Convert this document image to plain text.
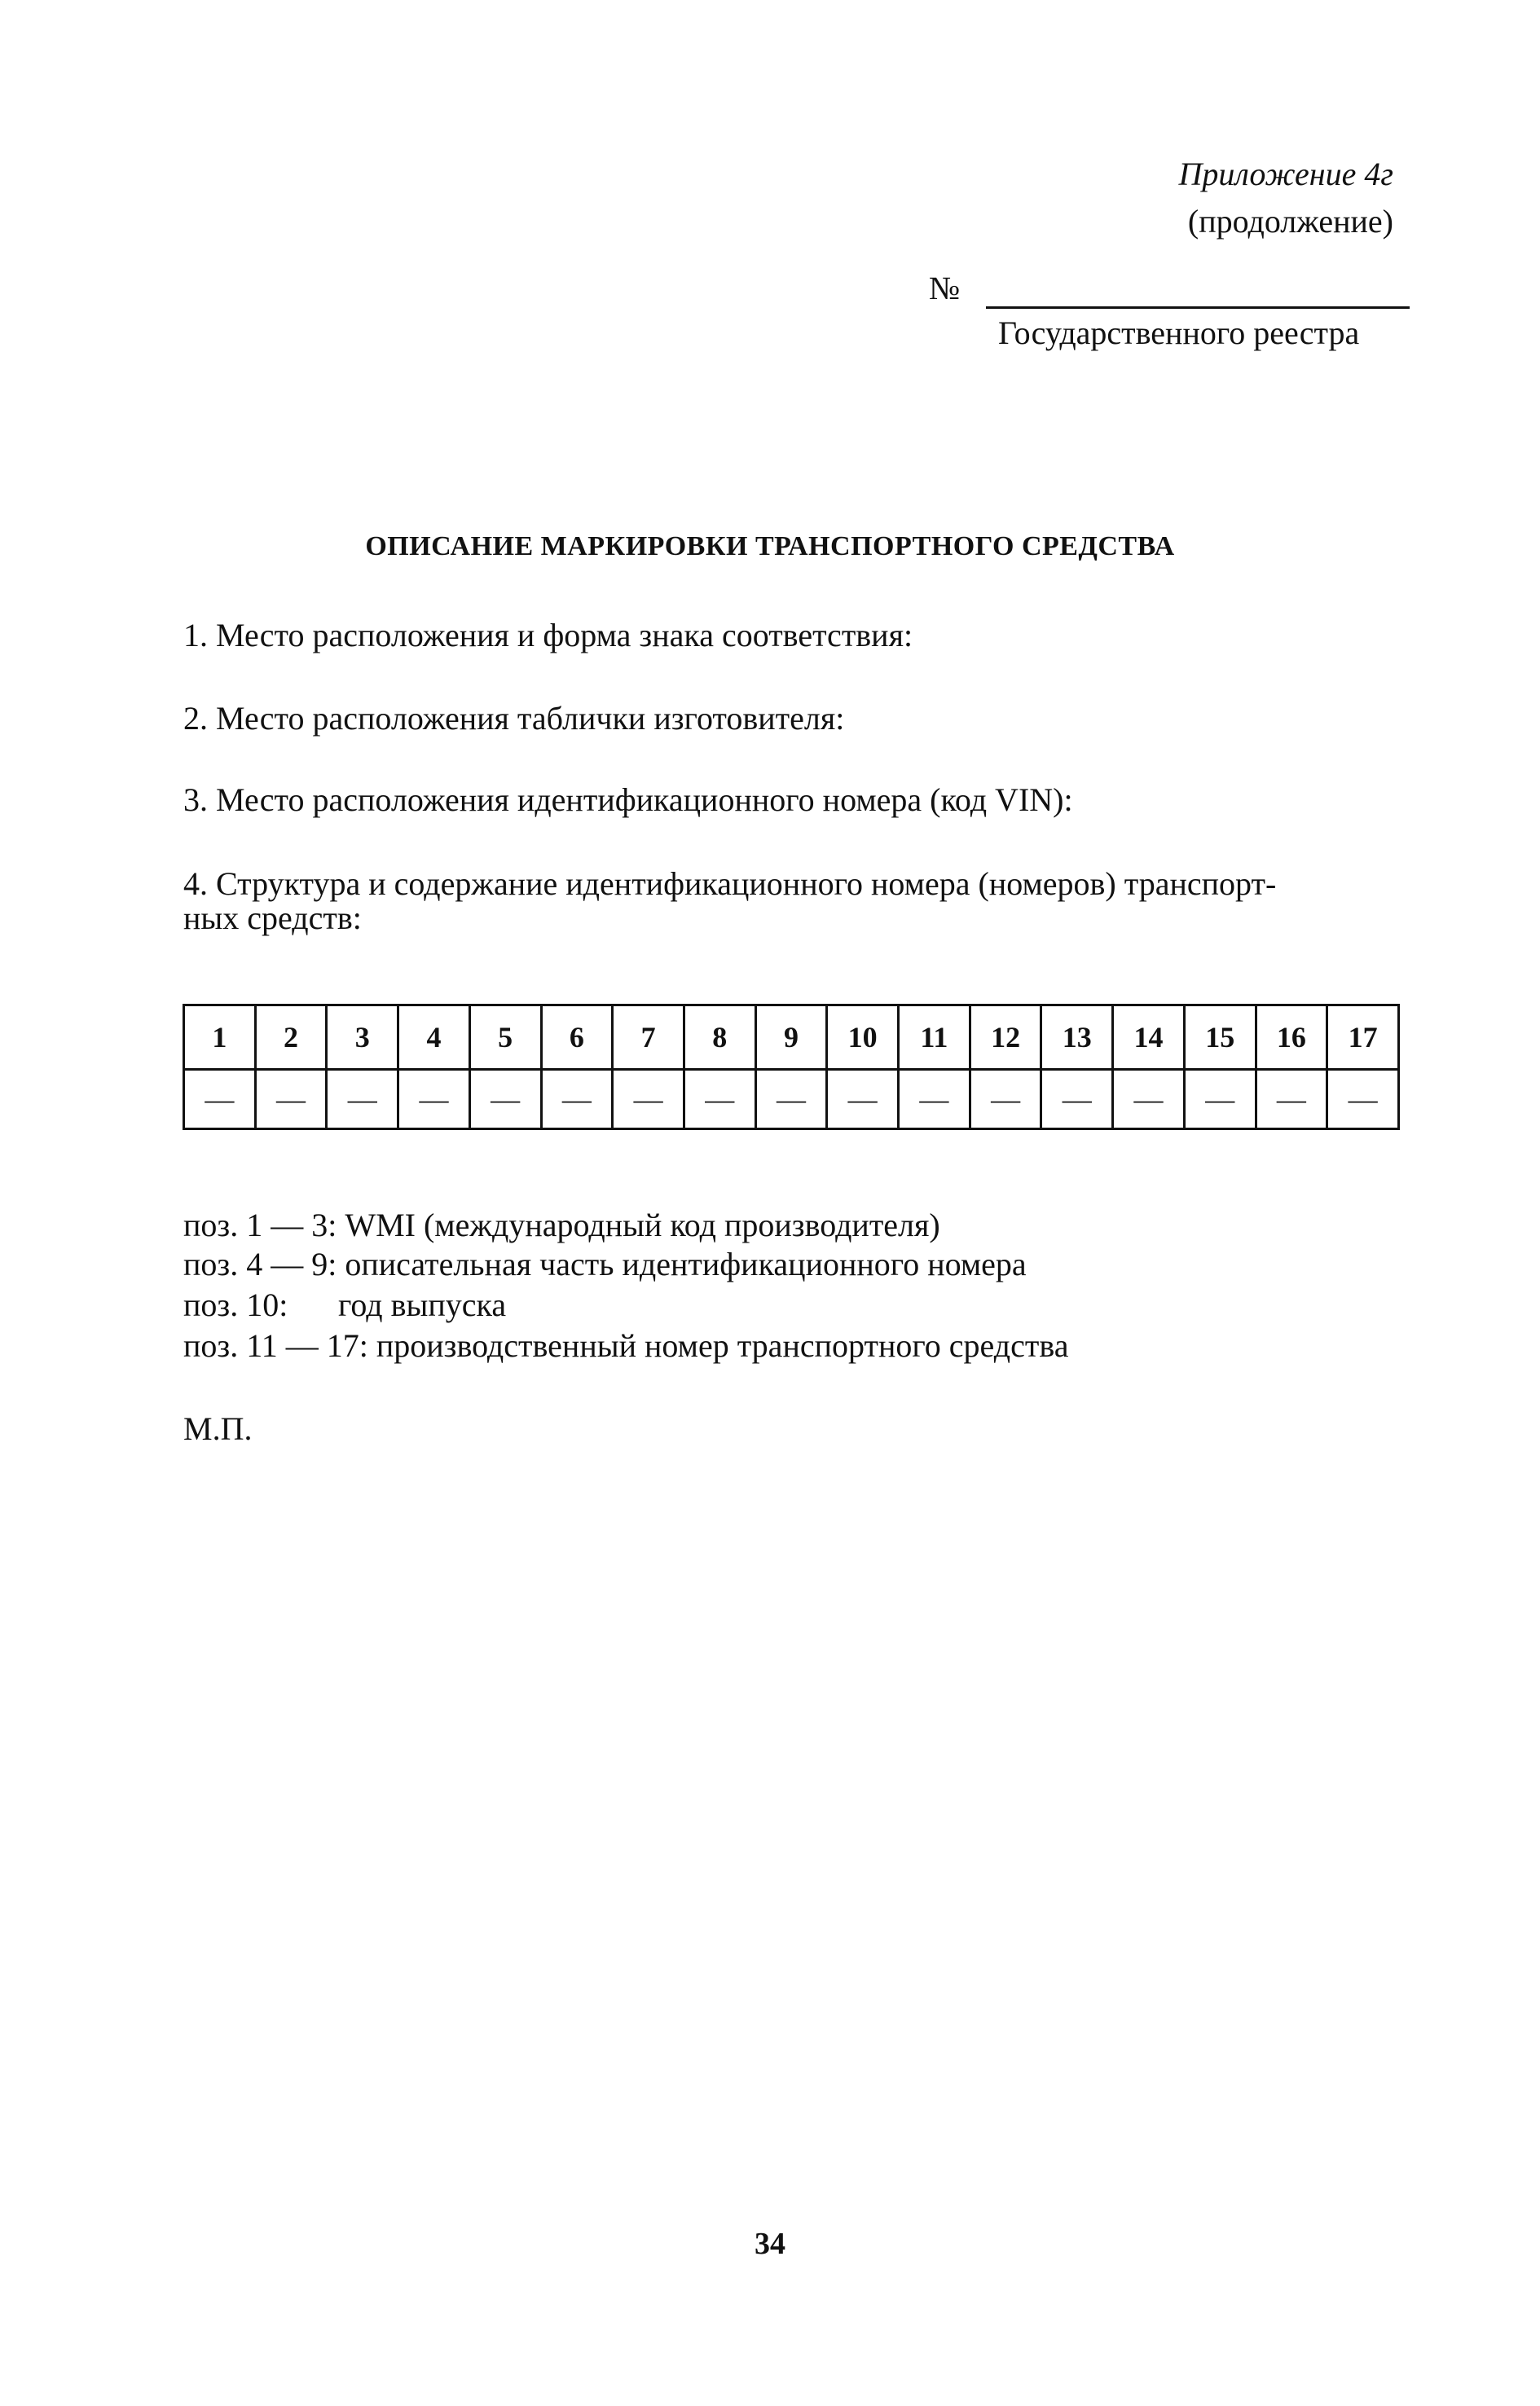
Приложение 4г
(продолжение)
№
Государственного реестра
ОПИСАНИЕ МАРКИРОВКИ ТРАНСПОРТНОГО СРЕДСТВА
1. Место расположения и форма знака соответствия:
2. Место расположения таблички изготовителя:
3. Место расположения идентификационного номера (код VIN):
4. Структура и содержание идентификационного номера (номеров) транспорт-
ных средств:
1	2	3	4	5	6	7	8	9	10	11	12	13	14	15	16	17
—	—	—	—	—	—	—	—	—	—	—	—	—	—	—	—	—
поз. 1 — 3: WMI (международный код производителя)
поз. 4 — 9: описательная часть идентификационного номера
поз. 10: год выпуска
поз. 11 — 17: производственный номер транспортного средства
М.П.
34
